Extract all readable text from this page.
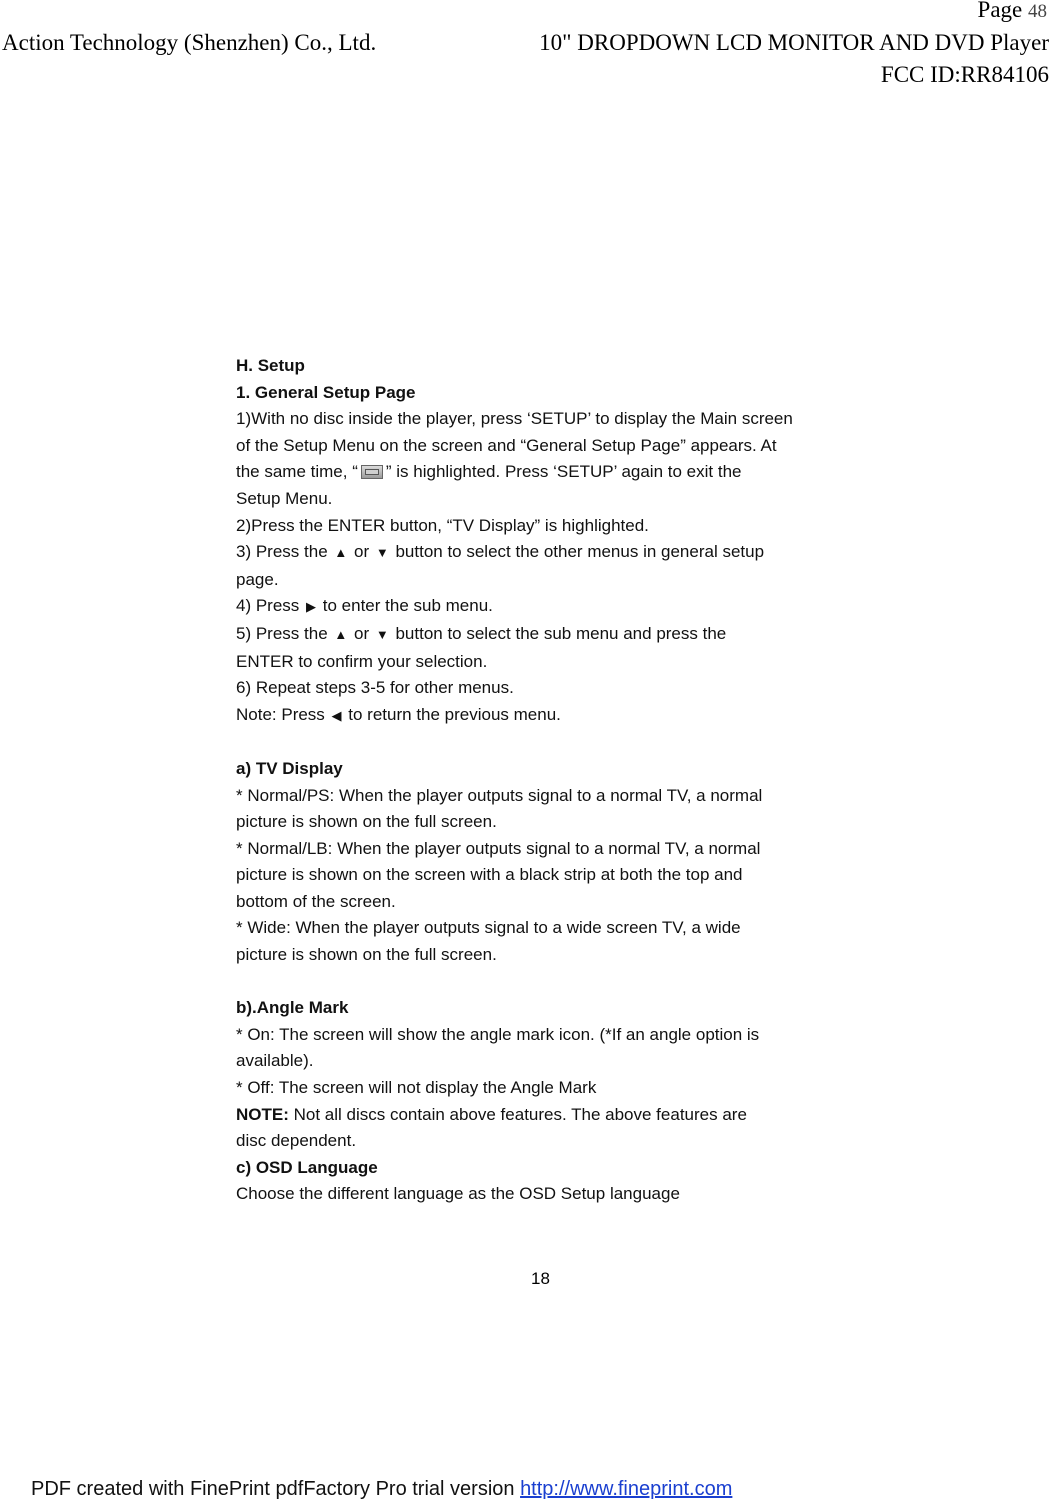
Page 48
Action Technology (Shenzhen) Co., Ltd.	10" DROPDOWN LCD MONITOR AND DVD Player
FCC ID:RR84106

H. Setup

1. General Setup Page

1)With no disc inside the player, press ‘SETUP’ to display the Main screen

of the Setup Menu on the screen and “General Setup Page” appears. At

the same time, “ ” is highlighted. Press ‘SETUP’ again to exit the

Setup Menu.

2)Press the ENTER button, “TV Display” is highlighted.

3) Press the ▲ or ▼ button to select the other menus in general setup

page.

4) Press ▶ to enter the sub menu.

5) Press the ▲ or ▼ button to select the sub menu and press the

ENTER to confirm your selection.

6) Repeat steps 3-5 for other menus.

Note: Press ◀ to return the previous menu.

a) TV Display

* Normal/PS: When the player outputs signal to a normal TV, a normal

picture is shown on the full screen.

* Normal/LB: When the player outputs signal to a normal TV, a normal

picture is shown on the screen with a black strip at both the top and

bottom of the screen.

* Wide: When the player outputs signal to a wide screen TV, a wide

picture is shown on the full screen.

b).Angle Mark

* On: The screen will show the angle mark icon. (*If an angle option is

available).

* Off: The screen will not display the Angle Mark

NOTE: Not all discs contain above features. The above features are

disc dependent.

c) OSD Language

Choose the different language as the OSD Setup language

18
PDF created with FinePrint pdfFactory Pro trial version http://www.fineprint.com
